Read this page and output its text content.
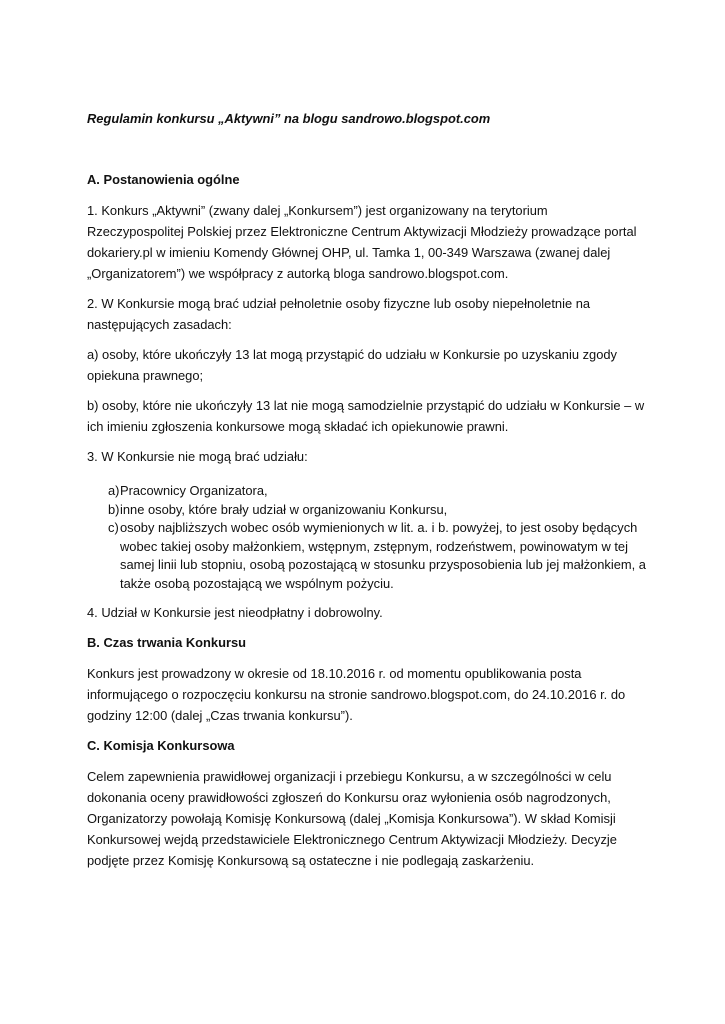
Regulamin konkursu „Aktywni” na blogu sandrowo.blogspot.com
A. Postanowienia ogólne

1. Konkurs „Aktywni” (zwany dalej „Konkursem”) jest organizowany na terytorium Rzeczypospolitej Polskiej przez Elektroniczne Centrum Aktywizacji Młodzieży prowadzące portal dokariery.pl w imieniu Komendy Głównej OHP, ul. Tamka 1, 00-349 Warszawa (zwanej dalej „Organizatorem”) we współpracy z autorką bloga sandrowo.blogspot.com.

2. W Konkursie mogą brać udział pełnoletnie osoby fizyczne lub osoby niepełnoletnie na następujących zasadach:

a) osoby, które ukończyły 13 lat mogą przystąpić do udziału w Konkursie po uzyskaniu zgody opiekuna prawnego;

b) osoby, które nie ukończyły 13 lat nie mogą samodzielnie przystąpić do udziału w Konkursie – w ich imieniu zgłoszenia konkursowe mogą składać ich opiekunowie prawni.

3. W Konkursie nie mogą brać udziału:

a) Pracownicy Organizatora,
b) inne osoby, które brały udział w organizowaniu Konkursu,
c) osoby najbliższych wobec osób wymienionych w lit. a. i b. powyżej, to jest osoby będących wobec takiej osoby małżonkiem, wstępnym, zstępnym, rodzeństwem, powinowatym w tej samej linii lub stopniu, osobą pozostającą w stosunku przysposobienia lub jej małżonkiem, a także osobą pozostającą we wspólnym pożyciu.

4. Udział w Konkursie jest nieodpłatny i dobrowolny.

B. Czas trwania Konkursu

Konkurs jest prowadzony w okresie od 18.10.2016 r. od momentu opublikowania posta informującego o rozpoczęciu konkursu na stronie sandrowo.blogspot.com, do 24.10.2016 r. do godziny 12:00 (dalej „Czas trwania konkursu”).

C. Komisja Konkursowa

Celem zapewnienia prawidłowej organizacji i przebiegu Konkursu, a w szczególności w celu dokonania oceny prawidłowości zgłoszeń do Konkursu oraz wyłonienia osób nagrodzonych, Organizatorzy powołają Komisję Konkursową (dalej „Komisja Konkursowa”). W skład Komisji Konkursowej wejdą przedstawiciele Elektronicznego Centrum Aktywizacji Młodzieży. Decyzje podjęte przez Komisję Konkursową są ostateczne i nie podlegają zaskarżeniu.
